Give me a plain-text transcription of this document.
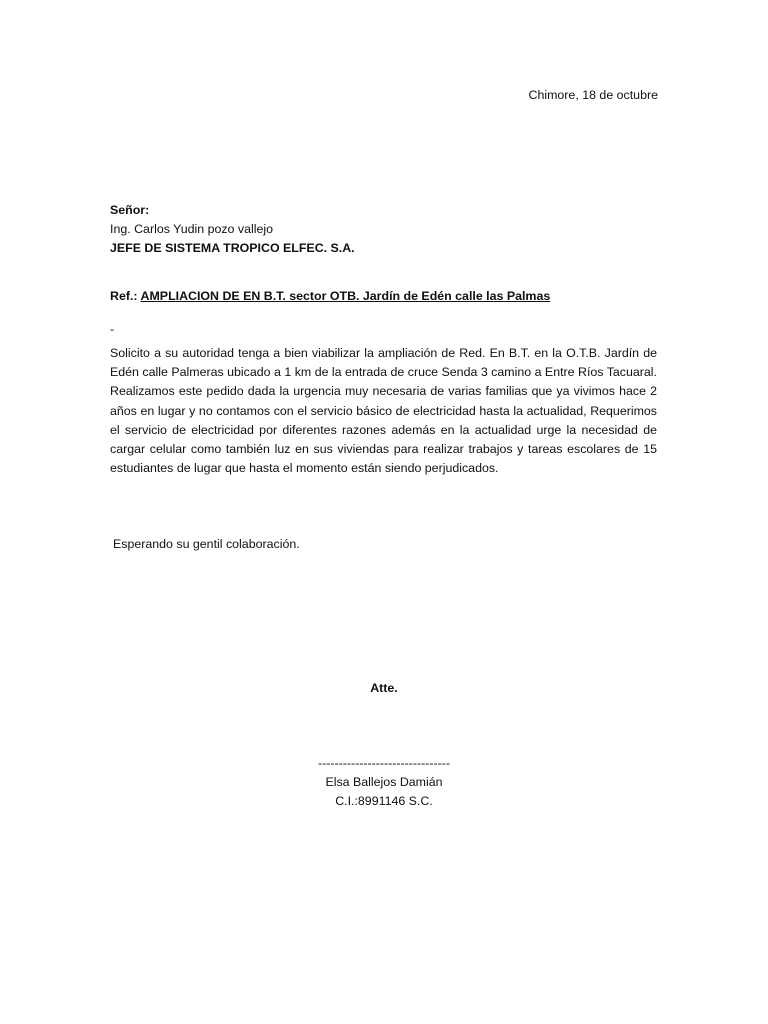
Chimore, 18 de octubre
Señor:
Ing. Carlos Yudin pozo vallejo
JEFE DE SISTEMA TROPICO ELFEC. S.A.
Ref.: AMPLIACION DE EN B.T. sector OTB. Jardín de Edén calle las Palmas
-
Solicito a su autoridad tenga a bien viabilizar la ampliación de Red. En B.T. en la O.T.B. Jardín de Edén calle Palmeras ubicado a 1 km de la entrada de cruce Senda 3 camino a Entre Ríos Tacuaral. Realizamos este pedido dada la urgencia muy necesaria de varias familias que ya vivimos hace 2 años en lugar y no contamos con el servicio básico de electricidad hasta la actualidad, Requerimos el servicio de electricidad por diferentes razones además en la actualidad urge la necesidad de cargar celular como también luz en sus viviendas para realizar trabajos y tareas escolares de 15 estudiantes de lugar que hasta el momento están siendo perjudicados.
Esperando su gentil colaboración.
Atte.
--------------------------------
Elsa Ballejos Damián
C.I.:8991146 S.C.
